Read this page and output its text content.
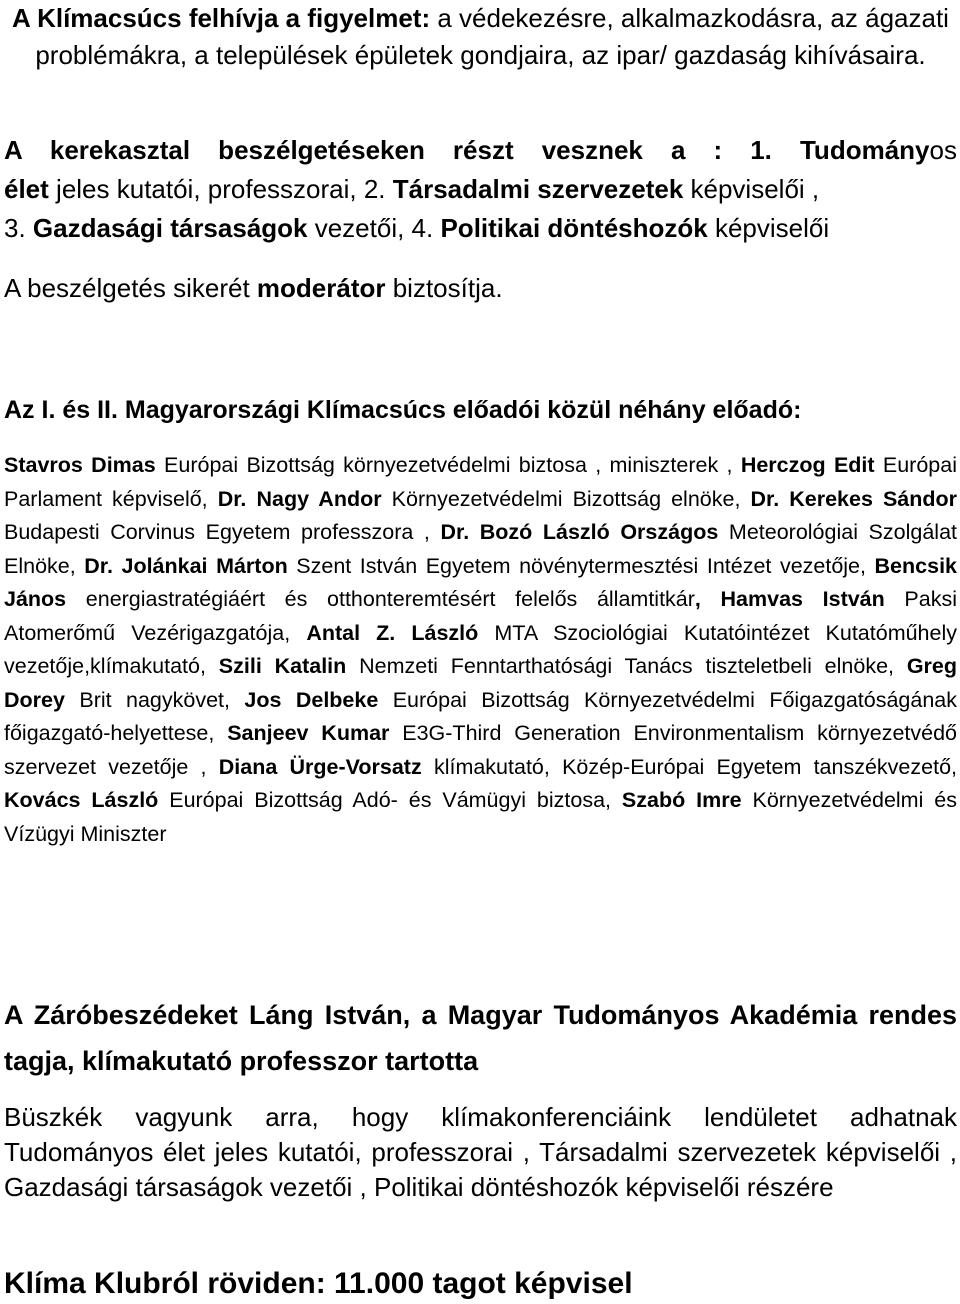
A Klímacsúcs felhívja a figyelmet: a védekezésre, alkalmazkodásra, az ágazati problémákra, a települések épületek gondjaira, az ipar/ gazdaság kihívásaira.

A kerekasztal beszélgetéseken részt vesznek a : 1. Tudományos

élet jeles kutatói, professzorai, 2. Társadalmi szervezetek képviselői ,

3. Gazdasági társaságok vezetői, 4. Politikai döntéshozók képviselői

A beszélgetés sikerét moderátor biztosítja.

Az I. és II. Magyarországi Klímacsúcs előadói közül néhány előadó:

Stavros Dimas Európai Bizottság környezetvédelmi biztosa , miniszterek , Herczog Edit Európai Parlament képviselő, Dr. Nagy Andor Környezetvédelmi Bizottság elnöke, Dr. Kerekes Sándor Budapesti Corvinus Egyetem professzora , Dr. Bozó László Országos Meteorológiai Szolgálat Elnöke, Dr. Jolánkai Márton Szent István Egyetem növénytermesztési Intézet vezetője, Bencsik János energiastratégiáért és otthonteremtésért felelős államtitkár, Hamvas István Paksi Atomerőmű Vezérigazgatója, Antal Z. László MTA Szociológiai Kutatóintézet Kutatóműhely vezetője,klímakutató, Szili Katalin Nemzeti Fenntarthatósági Tanács tiszteletbeli elnöke, Greg Dorey Brit nagykövet, Jos Delbeke Európai Bizottság Környezetvédelmi Főigazgatóságának főigazgató-helyettese, Sanjeev Kumar E3G-Third Generation Environmentalism környezetvédő szervezet vezetője , Diana Ürge-Vorsatz klímakutató, Közép-Európai Egyetem tanszékvezető, Kovács László Európai Bizottság Adó- és Vámügyi biztosa, Szabó Imre Környezetvédelmi és Vízügyi Miniszter

A Záróbeszédeket Láng István, a Magyar Tudományos Akadémia rendes tagja, klímakutató professzor tartotta

Büszkék vagyunk arra, hogy klímakonferenciáink lendületet adhatnak Tudományos élet jeles kutatói, professzorai , Társadalmi szervezetek képviselői , Gazdasági társaságok vezetői , Politikai döntéshozók képviselői részére

Klíma Klubról röviden: 11.000 tagot képvisel
